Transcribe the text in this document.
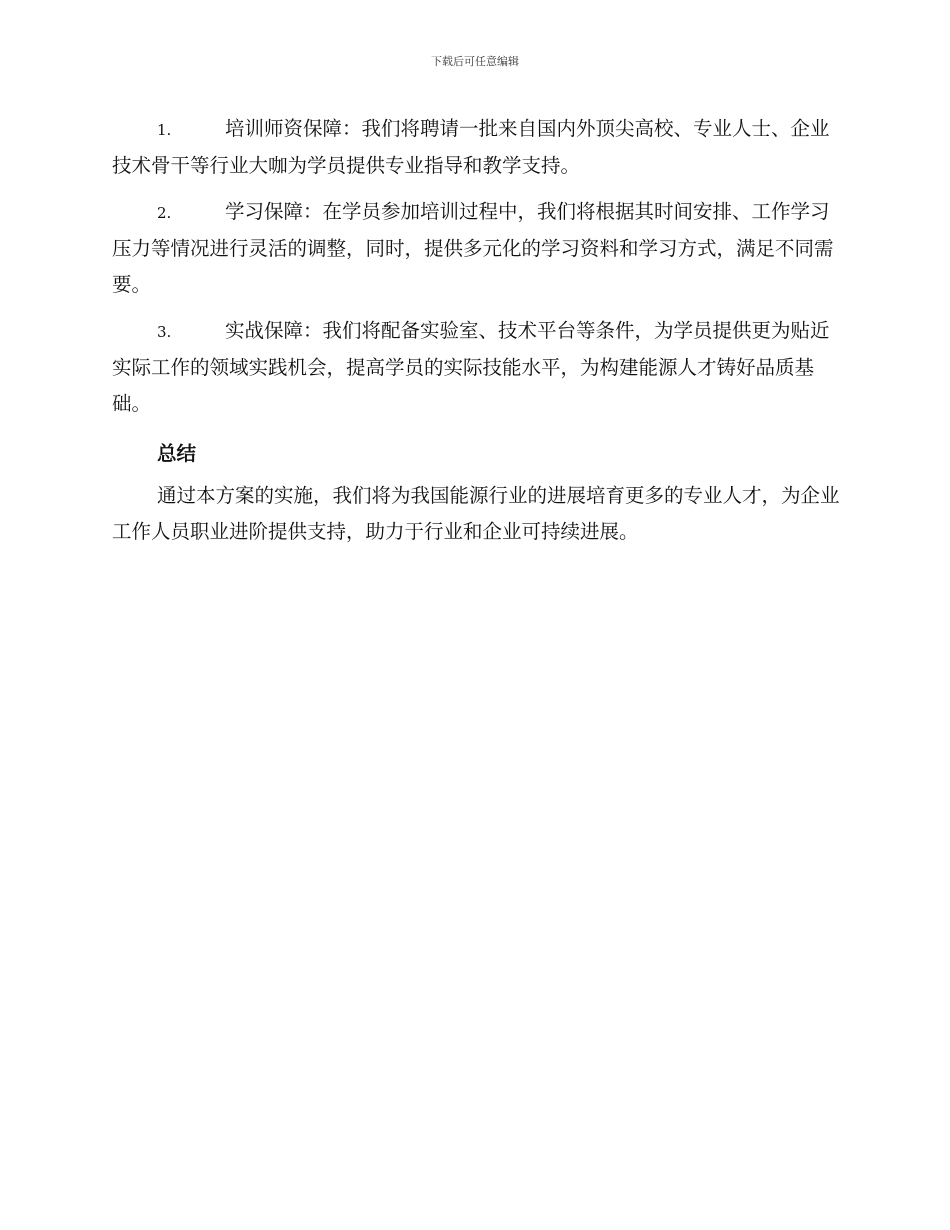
下载后可任意编辑

1.	培训师资保障：我们将聘请一批来自国内外顶尖高校、专业人士、企业技术骨干等行业大咖为学员提供专业指导和教学支持。

2.	学习保障：在学员参加培训过程中，我们将根据其时间安排、工作学习压力等情况进行灵活的调整，同时，提供多元化的学习资料和学习方式，满足不同需要。

3.	实战保障：我们将配备实验室、技术平台等条件，为学员提供更为贴近实际工作的领域实践机会，提高学员的实际技能水平，为构建能源人才铸好品质基础。

总结

通过本方案的实施，我们将为我国能源行业的进展培育更多的专业人才，为企业工作人员职业进阶提供支持，助力于行业和企业可持续进展。
